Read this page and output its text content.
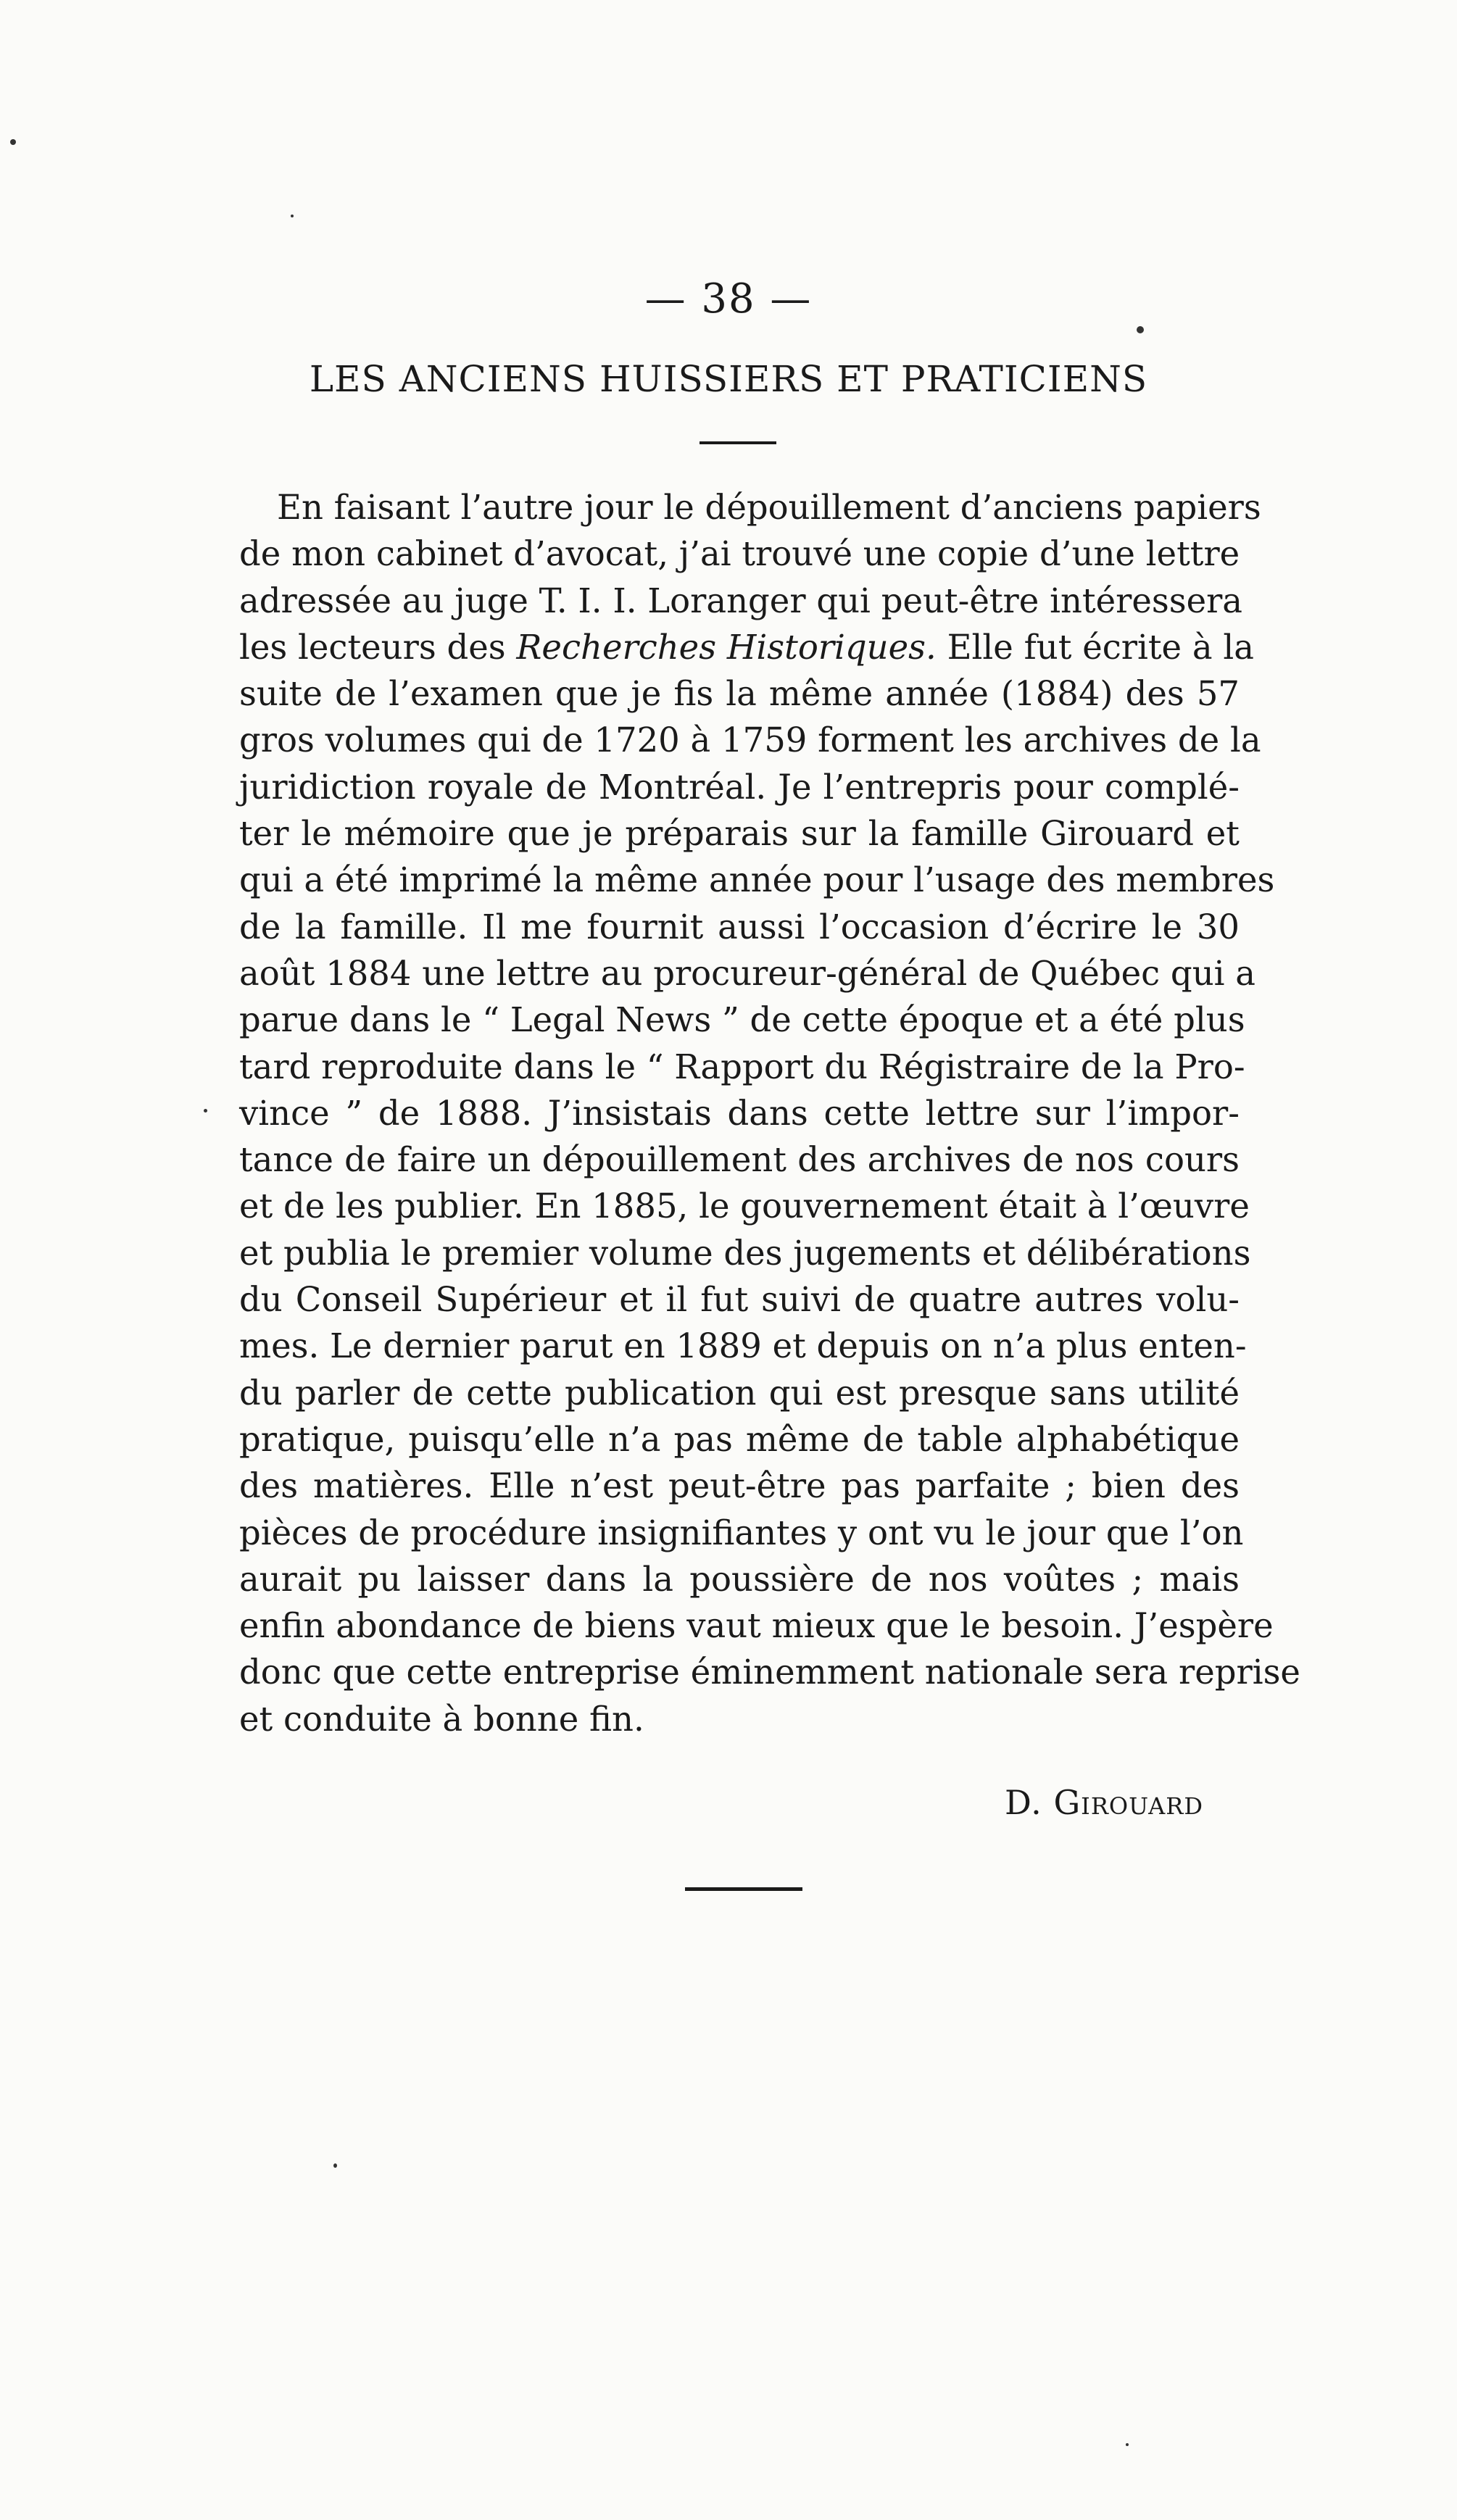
— 38 —
LES ANCIENS HUISSIERS ET PRATICIENS
En faisant l’autre jour le dépouillement d’anciens papiers
de mon cabinet d’avocat, j’ai trouvé une copie d’une lettre
adressée au juge T. I. I. Loranger qui peut-être intéressera
les lecteurs des Recherches Historiques. Elle fut écrite à la
suite de l’examen que je fis la même année (1884) des 57
gros volumes qui de 1720 à 1759 forment les archives de la
juridiction royale de Montréal. Je l’entrepris pour complé-
ter le mémoire que je préparais sur la famille Girouard et
qui a été imprimé la même année pour l’usage des membres
de la famille. Il me fournit aussi l’occasion d’écrire le 30
août 1884 une lettre au procureur-général de Québec qui a
parue dans le “ Legal News ” de cette époque et a été plus
tard reproduite dans le “ Rapport du Régistraire de la Pro-
vince ” de 1888. J’insistais dans cette lettre sur l’impor-
tance de faire un dépouillement des archives de nos cours
et de les publier. En 1885, le gouvernement était à l’œuvre
et publia le premier volume des jugements et délibérations
du Conseil Supérieur et il fut suivi de quatre autres volu-
mes. Le dernier parut en 1889 et depuis on n’a plus enten-
du parler de cette publication qui est presque sans utilité
pratique, puisqu’elle n’a pas même de table alphabétique
des matières. Elle n’est peut-être pas parfaite ; bien des
pièces de procédure insignifiantes y ont vu le jour que l’on
aurait pu laisser dans la poussière de nos voûtes ; mais
enfin abondance de biens vaut mieux que le besoin. J’espère
donc que cette entreprise éminemment nationale sera reprise
et conduite à bonne fin.
D. Girouard
